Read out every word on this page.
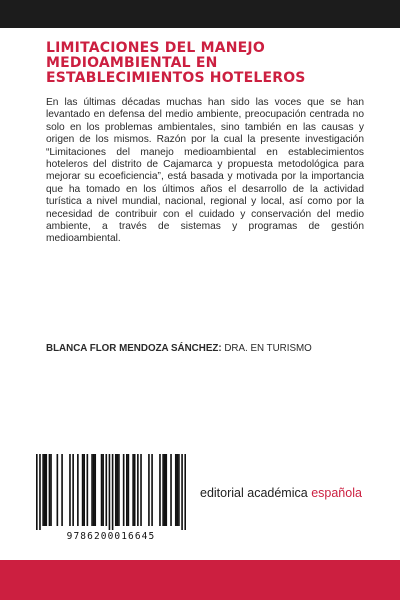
LIMITACIONES DEL MANEJO MEDIOAMBIENTAL EN ESTABLECIMIENTOS HOTELEROS

En las últimas décadas muchas han sido las voces que se han levantado en defensa del medio ambiente, preocupación centrada no solo en los problemas ambientales, sino también en las causas y origen de los mismos. Razón por la cual la presente investigación “Limitaciones del manejo medioambiental en establecimientos hoteleros del distrito de Cajamarca y propuesta metodológica para mejorar su ecoeficiencia”, está basada y motivada por la importancia que ha tomado en los últimos años el desarrollo de la actividad turística a nivel mundial, nacional, regional y local, así como por la necesidad de contribuir con el cuidado y conservación del medio ambiente, a través de sistemas y programas de gestión medioambiental.

BLANCA FLOR MENDOZA SÁNCHEZ: DRA. EN TURISMO
9786200016645
editorial académica española
